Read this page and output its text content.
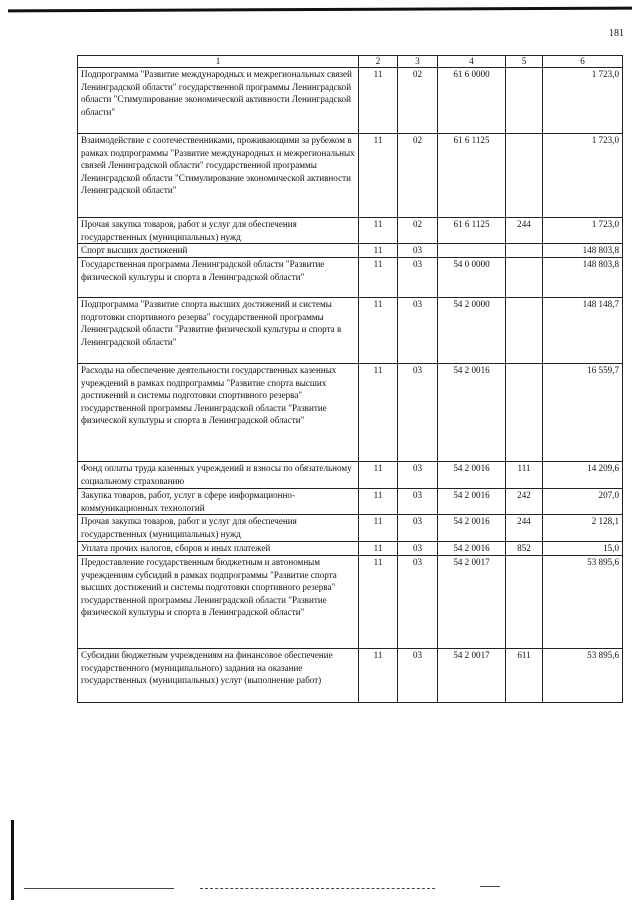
181
1	2	3	4	5	6
Подпрограмма "Развитие международных и межрегиональных связей Ленинградской области" государственной программы Ленинградской области "Стимулирование экономической активности Ленинградской области"	11	02	61 6 0000		1 723,0
Взаимодействие с соотечественниками, проживающими за рубежом в рамках подпрограммы "Развитие международных и межрегиональных связей Ленинградской области" государственной программы Ленинградской области "Стимулирование экономической активности Ленинградской области"	11	02	61 6 1125		1 723,0
Прочая закупка товаров, работ и услуг для обеспечения государственных (муниципальных) нужд	11	02	61 6 1125	244	1 723,0
Спорт высших достижений	11	03			148 803,8
Государственная программа Ленинградской области "Развитие физической культуры и спорта в Ленинградской области"	11	03	54 0 0000		148 803,8
Подпрограмма "Развитие спорта высших достижений и системы подготовки спортивного резерва" государственной программы Ленинградской области "Развитие физической культуры и спорта в Ленинградской области"	11	03	54 2 0000		148 148,7
Расходы на обеспечение деятельности государственных казенных учреждений в рамках подпрограммы "Развитие спорта высших достижений и системы подготовки спортивного резерва" государственной программы Ленинградской области "Развитие физической культуры и спорта в Ленинградской области"	11	03	54 2 0016		16 559,7
Фонд оплаты труда казенных учреждений и взносы по обязательному социальному страхованию	11	03	54 2 0016	111	14 209,6
Закупка товаров, работ, услуг в сфере информационно-коммуникационных технологий	11	03	54 2 0016	242	207,0
Прочая закупка товаров, работ и услуг для обеспечения государственных (муниципальных) нужд	11	03	54 2 0016	244	2 128,1
Уплата прочих налогов, сборов и иных платежей	11	03	54 2 0016	852	15,0
Предоставление государственным бюджетным и автономным учреждениям субсидий в рамках подпрограммы "Развитие спорта высших достижений и системы подготовки спортивного резерва" государственной программы Ленинградской области "Развитие физической культуры и спорта в Ленинградской области"	11	03	54 2 0017		53 895,6
Субсидии бюджетным учреждениям на финансовое обеспечение государственного (муниципального) задания на оказание государственных (муниципальных) услуг (выполнение работ)	11	03	54 2 0017	611	53 895,6
